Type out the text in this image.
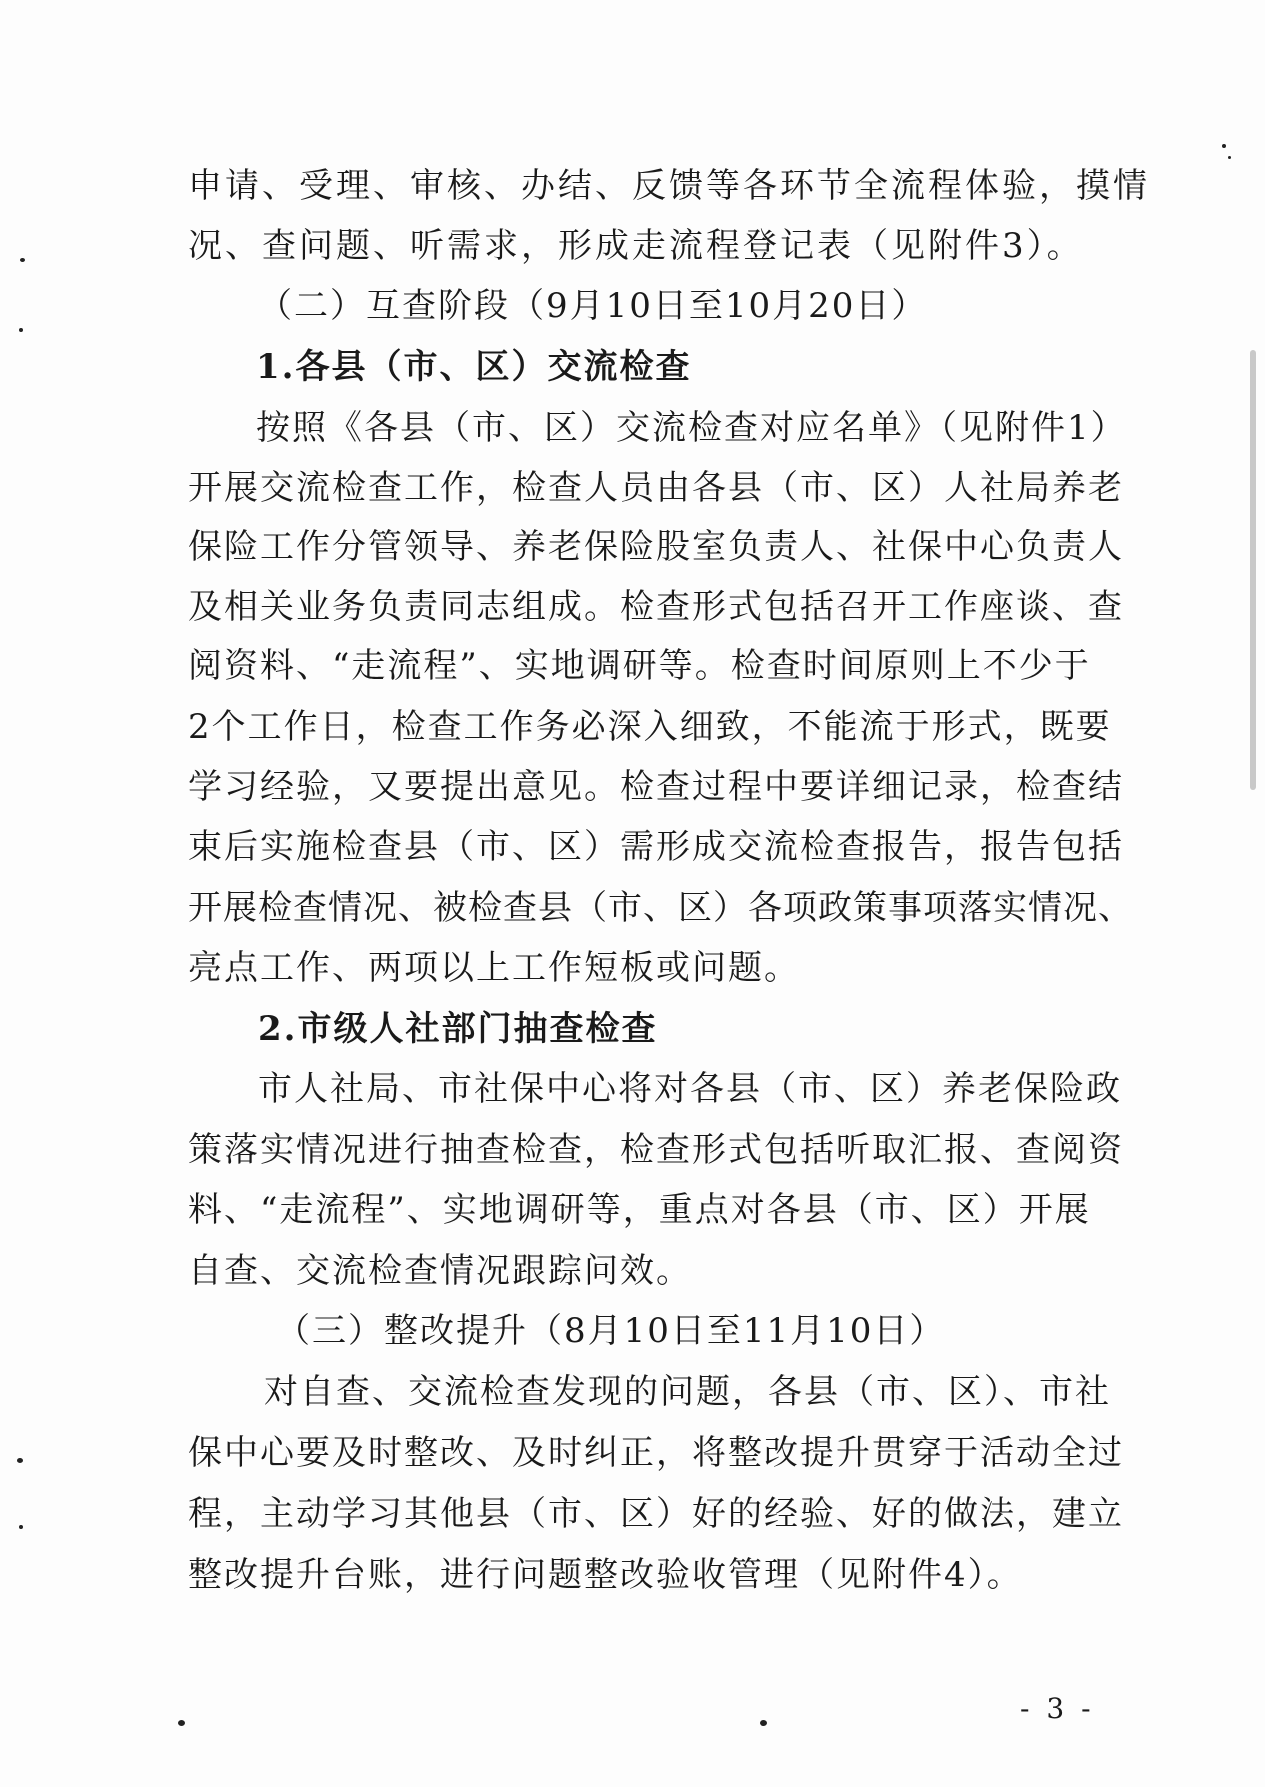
申请、受理、审核、办结、反馈等各环节全流程体验，摸情
况、查问题、听需求，形成走流程登记表（见附件3）。
（二）互查阶段（9月10日至10月20日）
1.各县（市、区）交流检查
按照《各县（市、区）交流检查对应名单》（见附件1）
开展交流检查工作，检查人员由各县（市、区）人社局养老
保险工作分管领导、养老保险股室负责人、社保中心负责人
及相关业务负责同志组成。检查形式包括召开工作座谈、查
阅资料、“走流程”、实地调研等。检查时间原则上不少于
2个工作日，检查工作务必深入细致，不能流于形式，既要
学习经验，又要提出意见。检查过程中要详细记录，检查结
束后实施检查县（市、区）需形成交流检查报告，报告包括
开展检查情况、被检查县（市、区）各项政策事项落实情况、
亮点工作、两项以上工作短板或问题。
2.市级人社部门抽查检查
市人社局、市社保中心将对各县（市、区）养老保险政
策落实情况进行抽查检查，检查形式包括听取汇报、查阅资
料、“走流程”、实地调研等，重点对各县（市、区）开展
自查、交流检查情况跟踪问效。
（三）整改提升（8月10日至11月10日）
对自查、交流检查发现的问题，各县（市、区）、市社
保中心要及时整改、及时纠正，将整改提升贯穿于活动全过
程，主动学习其他县（市、区）好的经验、好的做法，建立
整改提升台账，进行问题整改验收管理（见附件4）。
- 3 -
